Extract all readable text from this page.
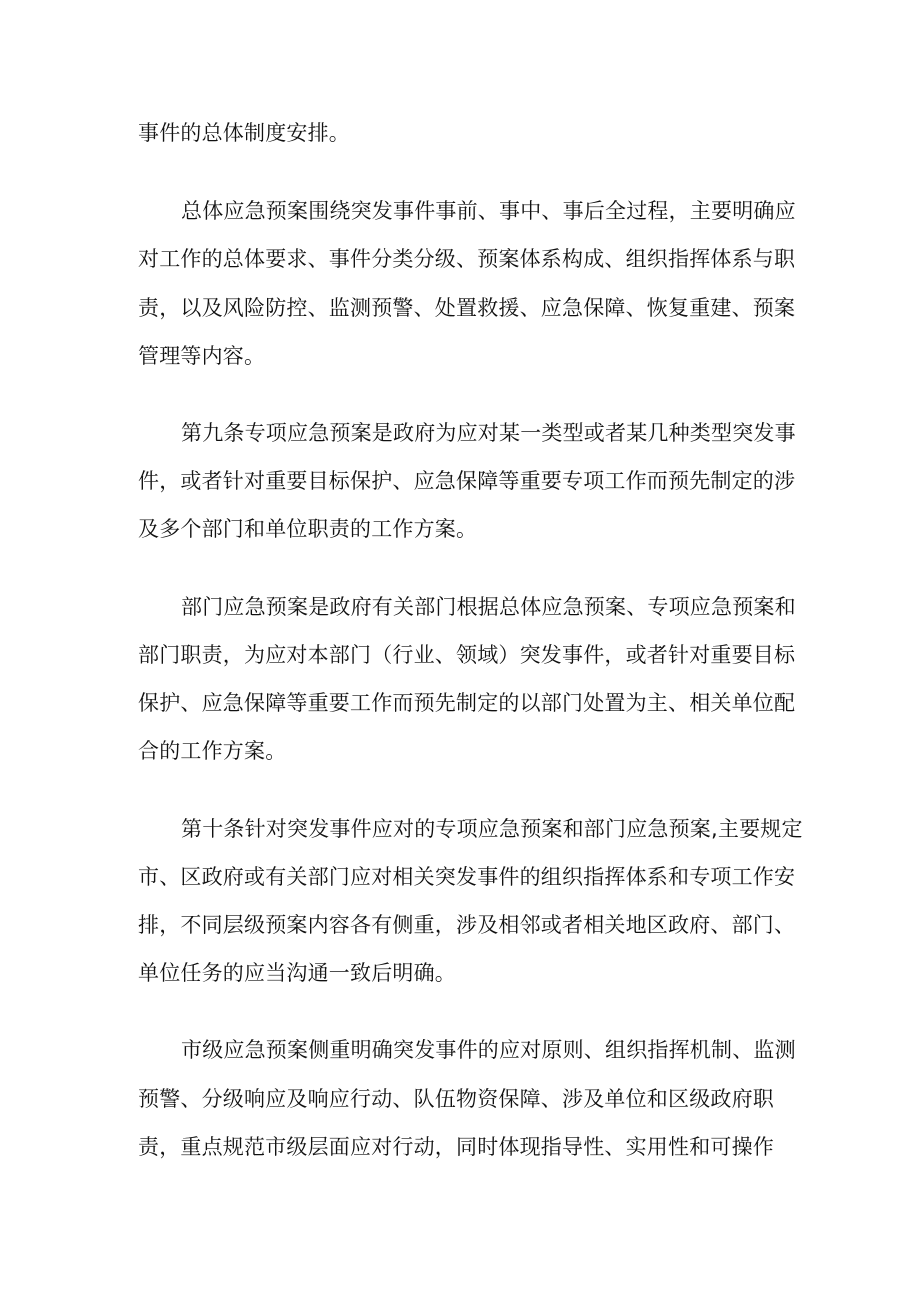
事件的总体制度安排。
总体应急预案围绕突发事件事前、事中、事后全过程，主要明确应
对工作的总体要求、事件分类分级、预案体系构成、组织指挥体系与职
责，以及风险防控、监测预警、处置救援、应急保障、恢复重建、预案
管理等内容。
第九条专项应急预案是政府为应对某一类型或者某几种类型突发事
件，或者针对重要目标保护、应急保障等重要专项工作而预先制定的涉
及多个部门和单位职责的工作方案。
部门应急预案是政府有关部门根据总体应急预案、专项应急预案和
部门职责，为应对本部门（行业、领域）突发事件，或者针对重要目标
保护、应急保障等重要工作而预先制定的以部门处置为主、相关单位配
合的工作方案。
第十条针对突发事件应对的专项应急预案和部门应急预案,主要规定
市、区政府或有关部门应对相关突发事件的组织指挥体系和专项工作安
排，不同层级预案内容各有侧重，涉及相邻或者相关地区政府、部门、
单位任务的应当沟通一致后明确。
市级应急预案侧重明确突发事件的应对原则、组织指挥机制、监测
预警、分级响应及响应行动、队伍物资保障、涉及单位和区级政府职
责，重点规范市级层面应对行动，同时体现指导性、实用性和可操作
